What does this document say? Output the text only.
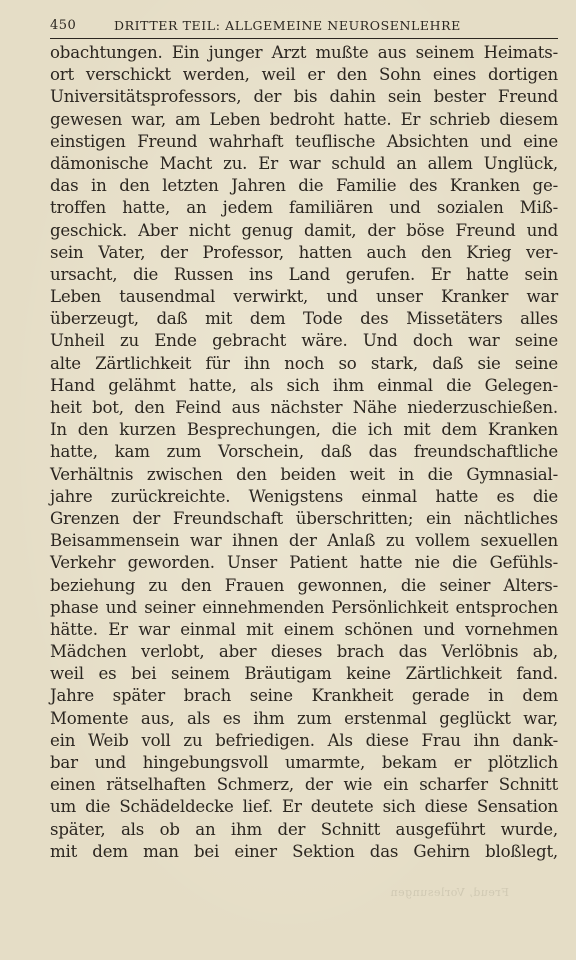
450	DRITTER TEIL: ALLGEMEINE NEUROSENLEHRE
obachtungen. Ein junger Arzt mußte aus seinem Heimats-
ort verschickt werden, weil er den Sohn eines dortigen
Universitätsprofessors, der bis dahin sein bester Freund
gewesen war, am Leben bedroht hatte. Er schrieb diesem
einstigen Freund wahrhaft teuflische Absichten und eine
dämonische Macht zu. Er war schuld an allem Unglück,
das in den letzten Jahren die Familie des Kranken ge-
troffen hatte, an jedem familiären und sozialen Miß-
geschick. Aber nicht genug damit, der böse Freund und
sein Vater, der Professor, hatten auch den Krieg ver-
ursacht, die Russen ins Land gerufen. Er hatte sein
Leben tausendmal verwirkt, und unser Kranker war
überzeugt, daß mit dem Tode des Missetäters alles
Unheil zu Ende gebracht wäre. Und doch war seine
alte Zärtlichkeit für ihn noch so stark, daß sie seine
Hand gelähmt hatte, als sich ihm einmal die Gelegen-
heit bot, den Feind aus nächster Nähe niederzuschießen.
In den kurzen Besprechungen, die ich mit dem Kranken
hatte, kam zum Vorschein, daß das freundschaftliche
Verhältnis zwischen den beiden weit in die Gymnasial-
jahre zurückreichte. Wenigstens einmal hatte es die
Grenzen der Freundschaft überschritten; ein nächtliches
Beisammensein war ihnen der Anlaß zu vollem sexuellen
Verkehr geworden. Unser Patient hatte nie die Gefühls-
beziehung zu den Frauen gewonnen, die seiner Alters-
phase und seiner einnehmenden Persönlichkeit entsprochen
hätte. Er war einmal mit einem schönen und vornehmen
Mädchen verlobt, aber dieses brach das Verlöbnis ab,
weil es bei seinem Bräutigam keine Zärtlichkeit fand.
Jahre später brach seine Krankheit gerade in dem
Momente aus, als es ihm zum erstenmal geglückt war,
ein Weib voll zu befriedigen. Als diese Frau ihn dank-
bar und hingebungsvoll umarmte, bekam er plötzlich
einen rätselhaften Schmerz, der wie ein scharfer Schnitt
um die Schädeldecke lief. Er deutete sich diese Sensation
später, als ob an ihm der Schnitt ausgeführt wurde,
mit dem man bei einer Sektion das Gehirn bloßlegt,
Freud, Vorlesungen
